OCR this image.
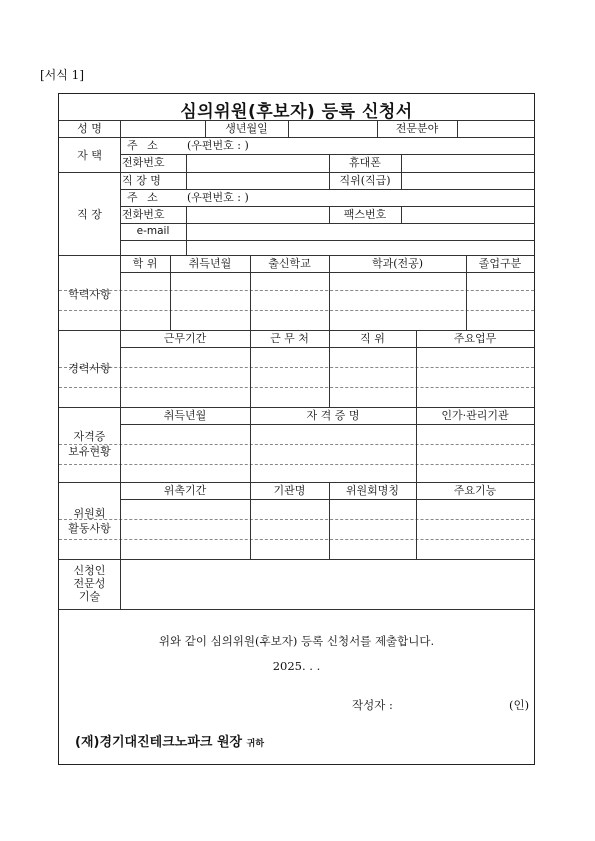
[서식 1]
심의위원(후보자) 등록 신청서
성 명	생년월일	전문분야
자 택
주 소	(우편번호 : )
전화번호	휴대폰
직 장
직 장 명	직위(직급)
주 소 (우편번호 : )
전화번호	팩스번호
e-mail
학력사항
학 위	취득년월	출신학교	학과(전공)	졸업구분
경력사항
근무기간	근 무 처	직 위	주요업무
자격증
보유현황
취득년월	자 격 증 명	인가·관리기관
위원회
활동사항
위촉기간	기관명	위원회명칭	주요기능
신청인
전문성
기술
위와 같이 심의위원(후보자) 등록 신청서를 제출합니다.
2025. . .
작성자 :	(인)
(재)경기대진테크노파크 원장 귀하
